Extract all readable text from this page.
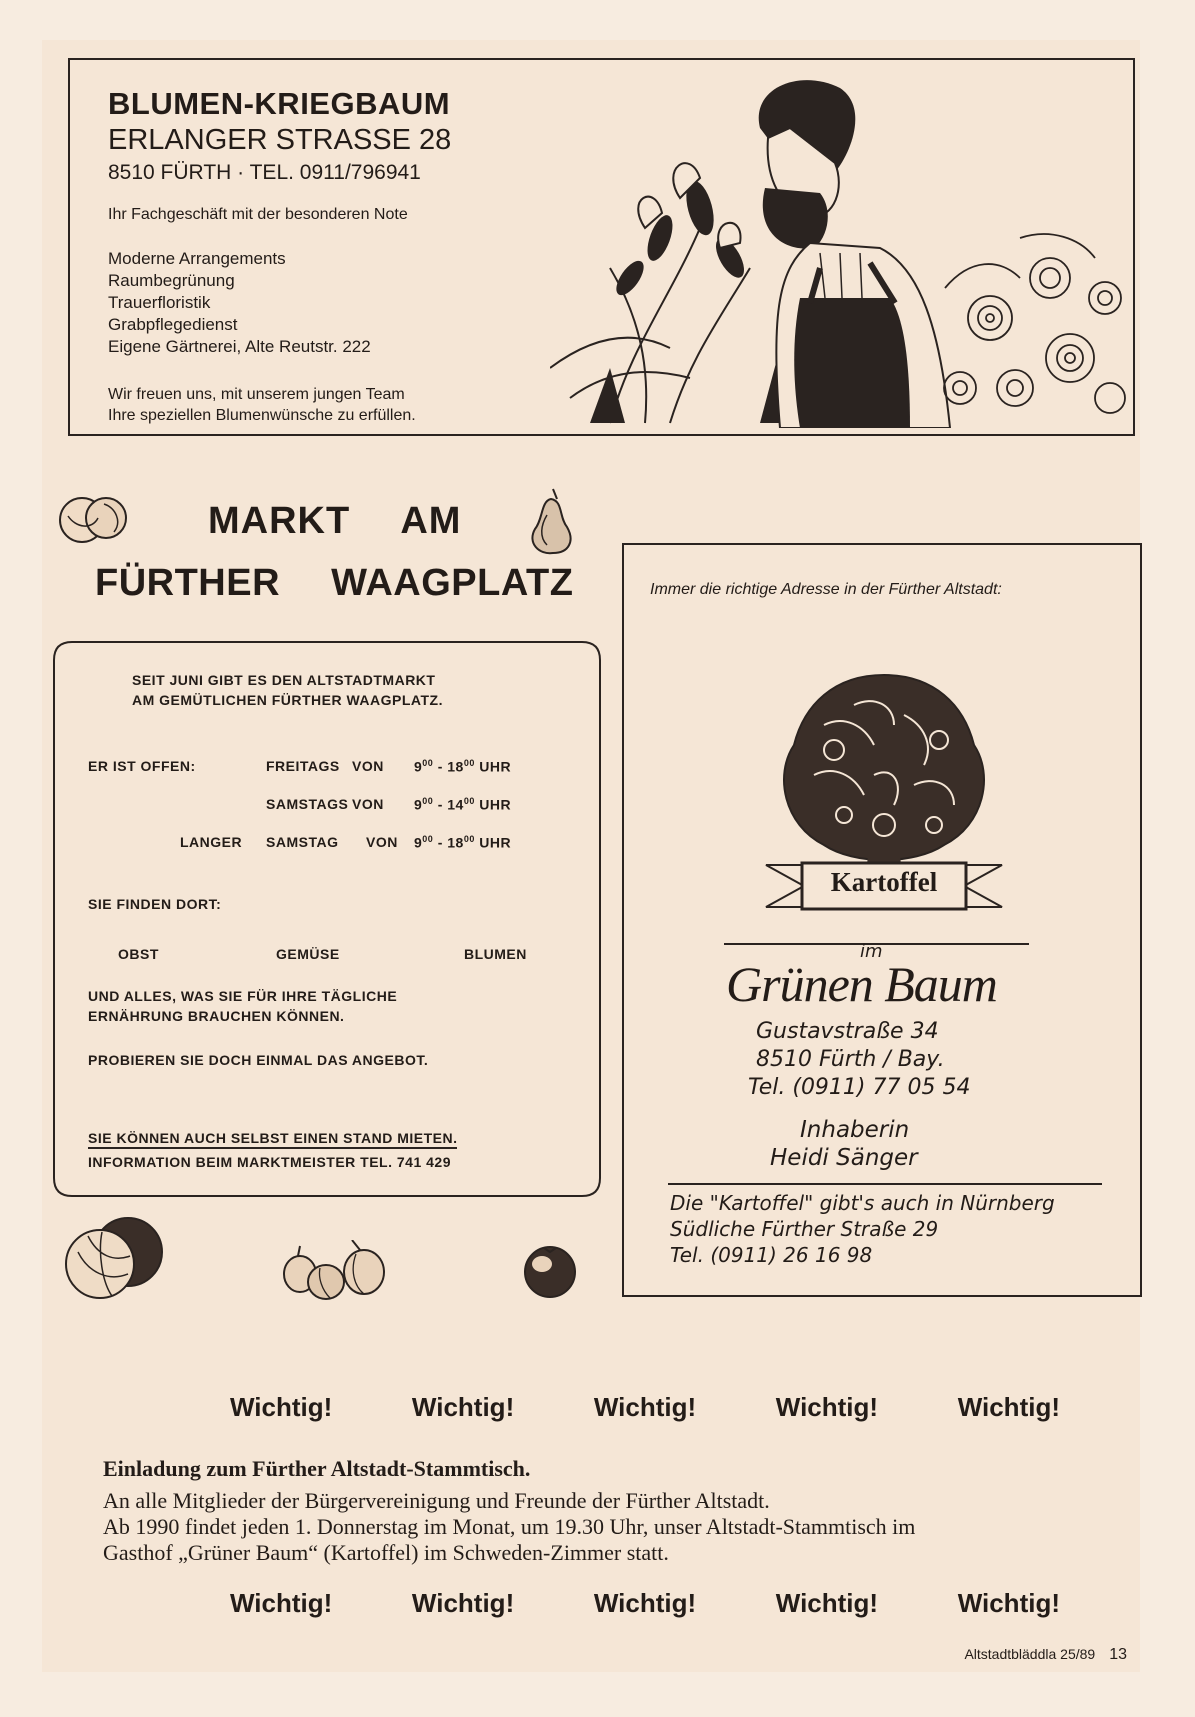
BLUMEN-KRIEGBAUM
ERLANGER STRASSE 28
8510 FÜRTH · TEL. 0911/796941
Ihr Fachgeschäft mit der besonderen Note
Moderne Arrangements
Raumbegrünung
Trauerfloristik
Grabpflegedienst
Eigene Gärtnerei, Alte Reutstr. 222
Wir freuen uns, mit unserem jungen Team
Ihre speziellen Blumenwünsche zu erfüllen.
MARKT AM
FÜRTHER WAAGPLATZ
SEIT JUNI GIBT ES DEN ALTSTADTMARKT
AM GEMÜTLICHEN FÜRTHER WAAGPLATZ.
ER IST OFFEN:	FREITAGS VON $9^{00} - 18^{00}$ UHR
SAMSTAGS VON $9^{00} - 14^{00}$ UHR
LANGER SAMSTAG VON $9^{00} - 18^{00}$ UHR
SIE FINDEN DORT:
OBST	GEMÜSE	BLUMEN
UND ALLES, WAS SIE FÜR IHRE TÄGLICHE
ERNÄHRUNG BRAUCHEN KÖNNEN.
PROBIEREN SIE DOCH EINMAL DAS ANGEBOT.
SIE KÖNNEN AUCH SELBST EINEN STAND MIETEN.
INFORMATION BEIM MARKTMEISTER TEL. 741 429
Immer die richtige Adresse in der Fürther Altstadt:
Kartoffel
im
Grünen Baum
Gustavstraße 34
8510 Fürth / Bay.
Tel. (0911) 77 05 54
Inhaberin
Heidi Sänger
Die "Kartoffel" gibt's auch in Nürnberg
Südliche Fürther Straße 29
Tel. (0911) 26 16 98
Wichtig!	Wichtig!	Wichtig!	Wichtig!	Wichtig!
Einladung zum Fürther Altstadt-Stammtisch.
An alle Mitglieder der Bürgervereinigung und Freunde der Fürther Altstadt.
Ab 1990 findet jeden 1. Donnerstag im Monat, um 19.30 Uhr, unser Altstadt-Stammtisch im
Gasthof „Grüner Baum“ (Kartoffel) im Schweden-Zimmer statt.
Wichtig!	Wichtig!	Wichtig!	Wichtig!	Wichtig!
Altstadtbläddla 25/89 13
